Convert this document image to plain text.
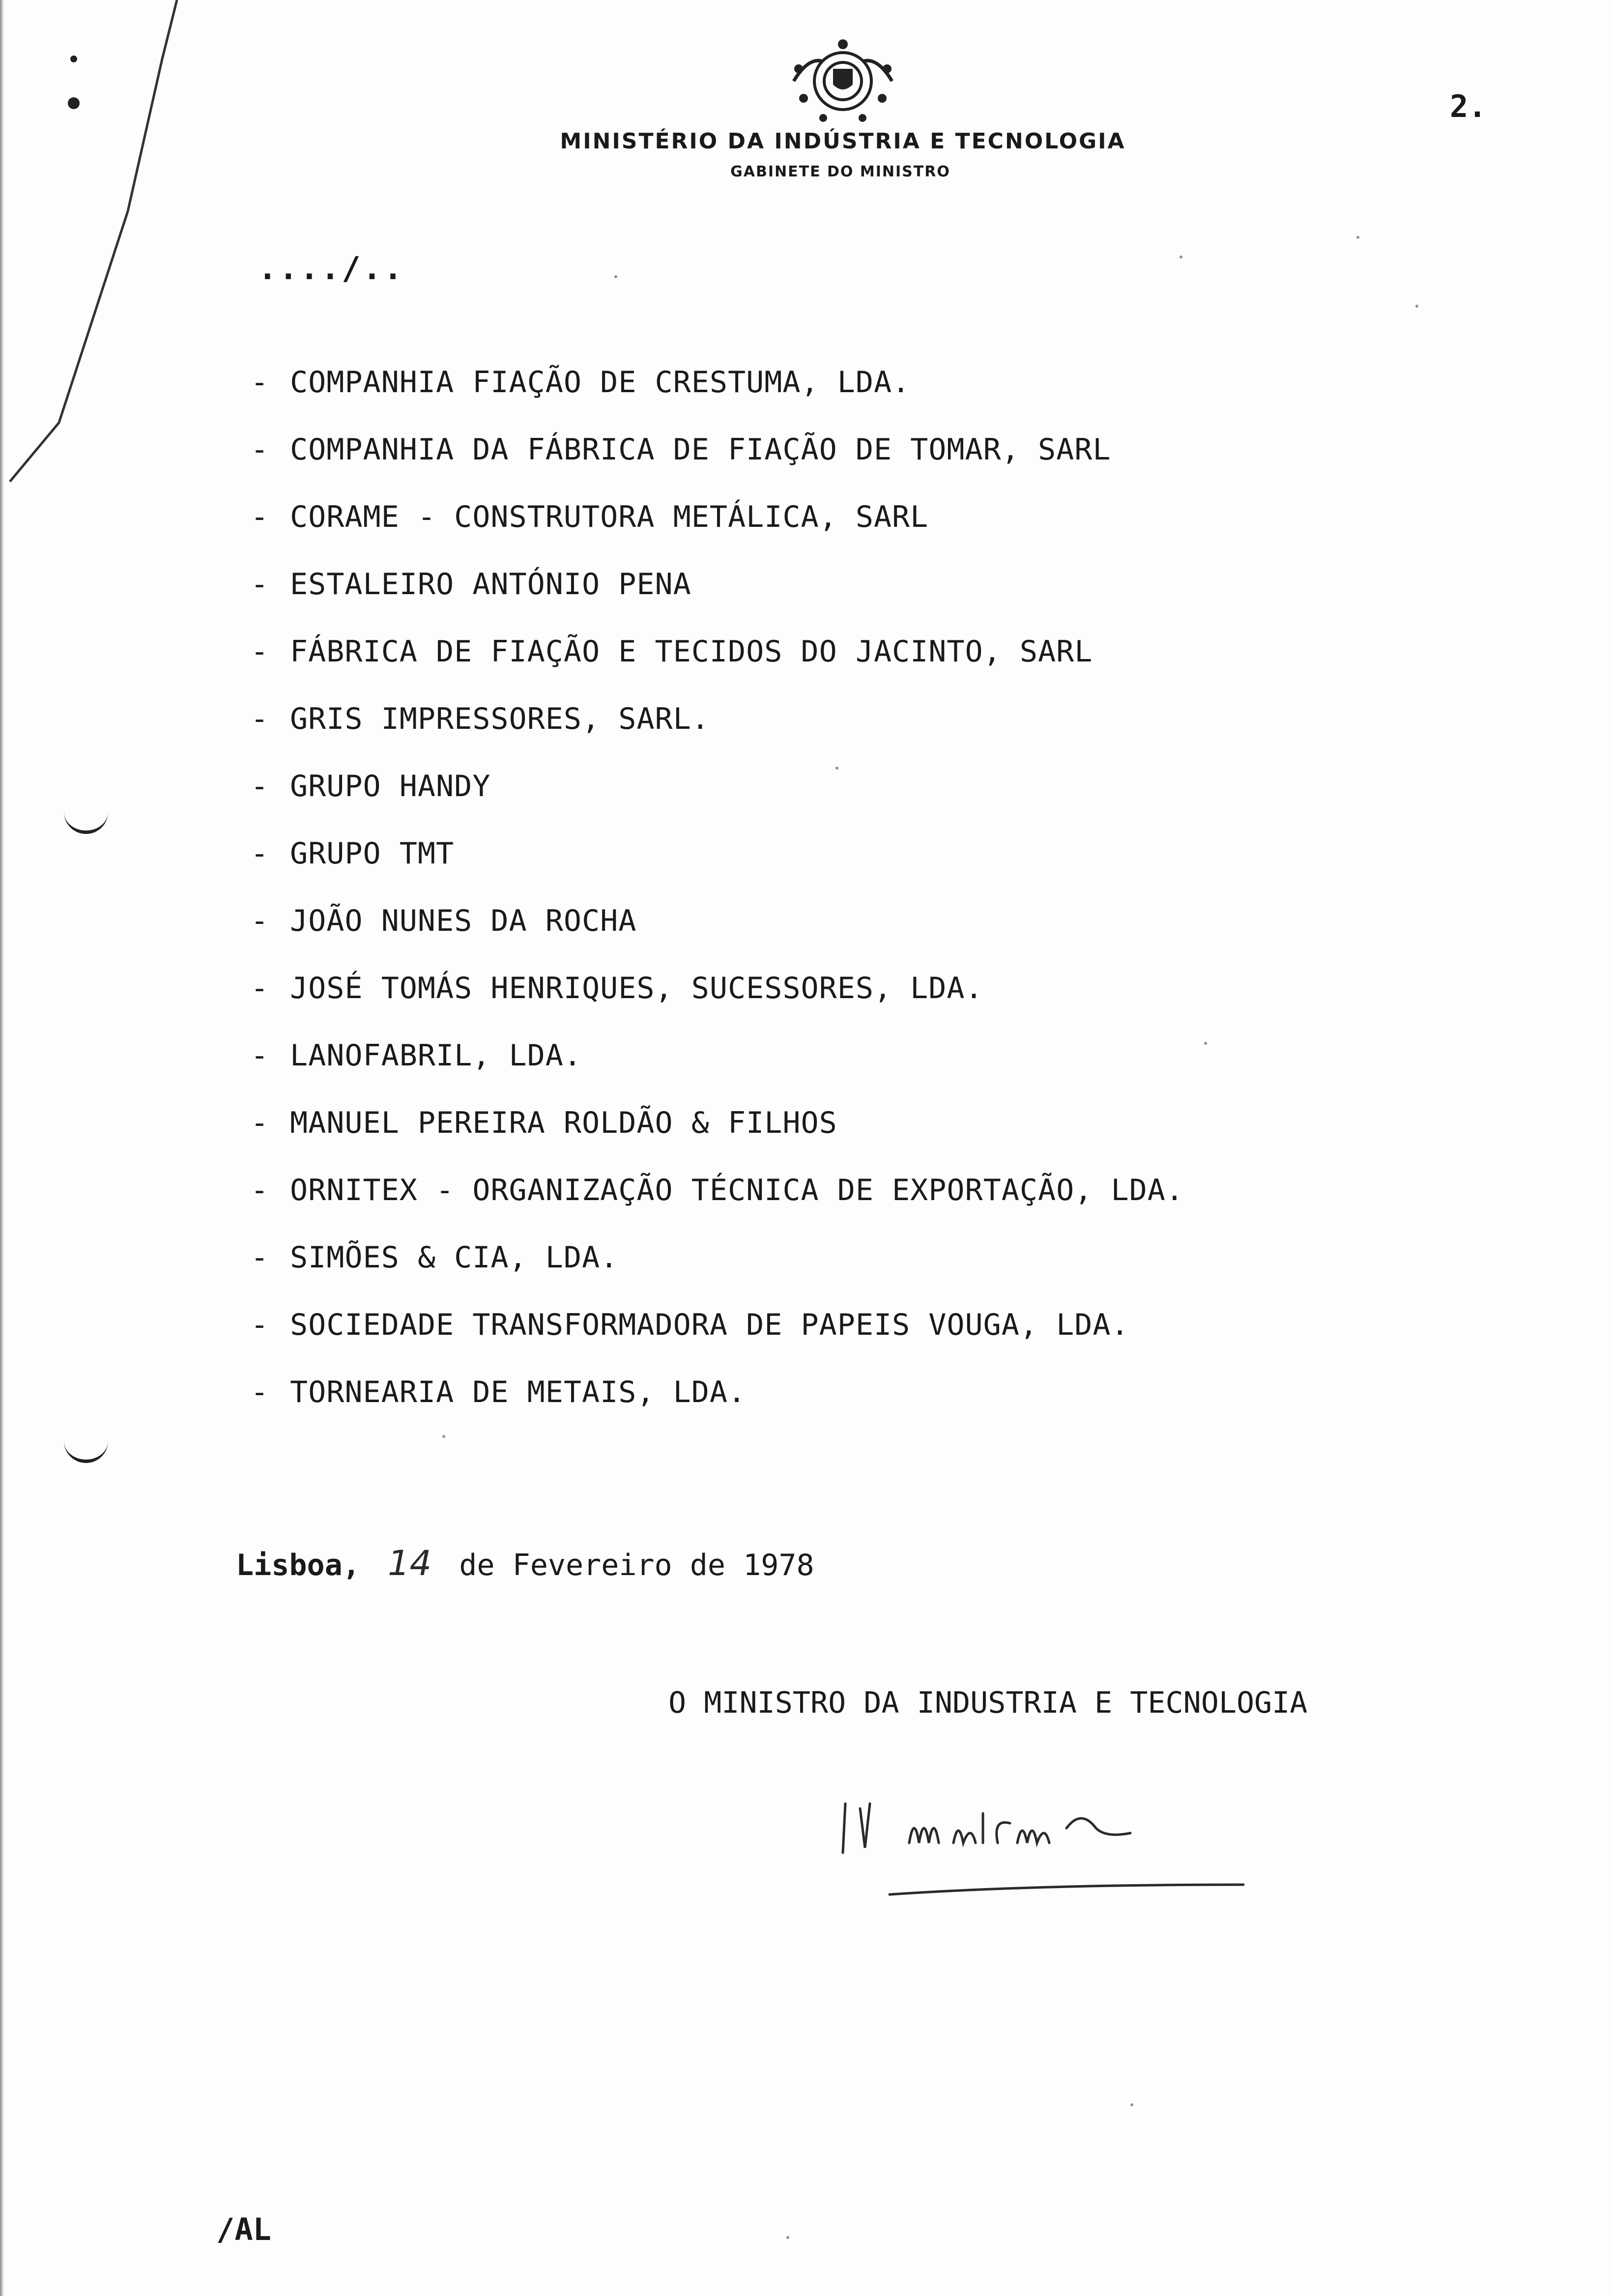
MINISTÉRIO DA INDÚSTRIA E TECNOLOGIA
GABINETE DO MINISTRO
2.
..../..
- COMPANHIA FIAÇÃO DE CRESTUMA, LDA.
- COMPANHIA DA FÁBRICA DE FIAÇÃO DE TOMAR, SARL
- CORAME - CONSTRUTORA METÁLICA, SARL
- ESTALEIRO ANTÓNIO PENA
- FÁBRICA DE FIAÇÃO E TECIDOS DO JACINTO, SARL
- GRIS IMPRESSORES, SARL.
- GRUPO HANDY
- GRUPO TMT
- JOÃO NUNES DA ROCHA
- JOSÉ TOMÁS HENRIQUES, SUCESSORES, LDA.
- LANOFABRIL, LDA.
- MANUEL PEREIRA ROLDÃO & FILHOS
- ORNITEX - ORGANIZAÇÃO TÉCNICA DE EXPORTAÇÃO, LDA.
- SIMÕES & CIA, LDA.
- SOCIEDADE TRANSFORMADORA DE PAPEIS VOUGA, LDA.
- TORNEARIA DE METAIS, LDA.
Lisboa, 14 de Fevereiro de 1978
O MINISTRO DA INDUSTRIA E TECNOLOGIA
/AL
